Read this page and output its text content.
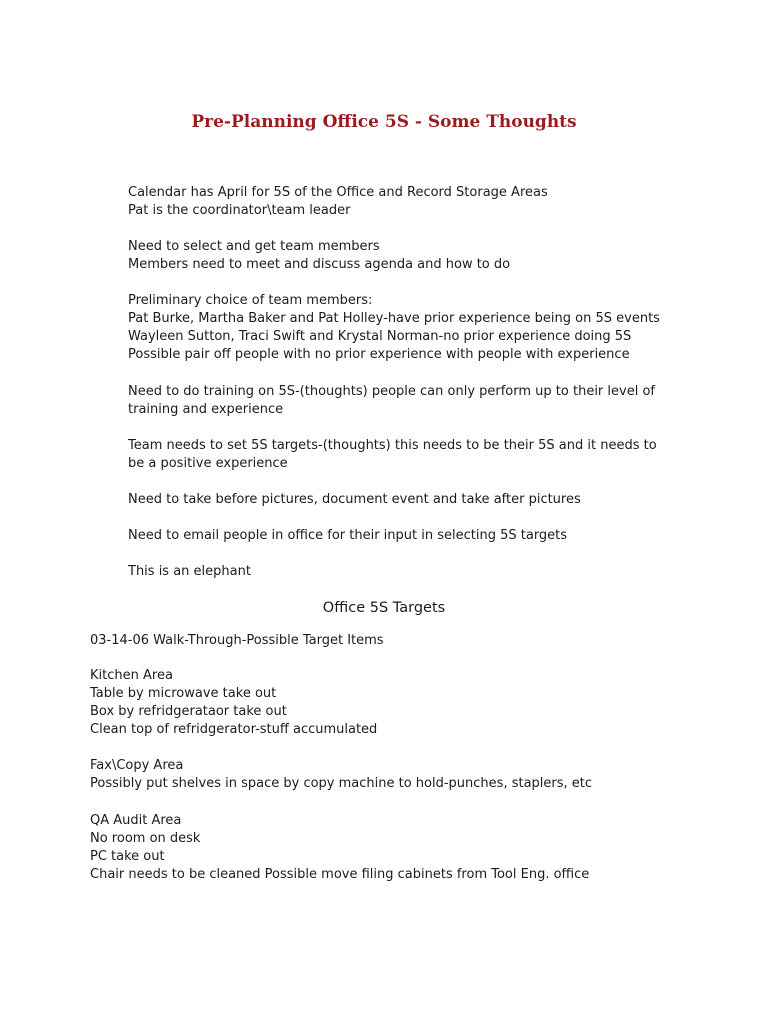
Pre-Planning Office 5S - Some Thoughts
Calendar has April for 5S of the Office and Record Storage Areas
Pat is the coordinator\team leader
Need to select and get team members
Members need to meet and discuss agenda and how to do
Preliminary choice of team members:
Pat Burke, Martha Baker and Pat Holley-have prior experience being on 5S events
Wayleen Sutton, Traci Swift and Krystal Norman-no prior experience doing 5S
Possible pair off people with no prior experience with people with experience
Need to do training on 5S-(thoughts) people can only perform up to their level of
training and experience
Team needs to set 5S targets-(thoughts) this needs to be their 5S and it needs to
be a positive experience
Need to take before pictures, document event and take after pictures
Need to email people in office for their input in selecting 5S targets
This is an elephant
Office 5S Targets
03-14-06 Walk-Through-Possible Target Items
Kitchen Area
Table by microwave take out
Box by refridgerataor take out
Clean top of refridgerator-stuff accumulated
Fax\Copy Area
Possibly put shelves in space by copy machine to hold-punches, staplers, etc
QA Audit Area
No room on desk
PC take out
Chair needs to be cleaned Possible move filing cabinets from Tool Eng. office
